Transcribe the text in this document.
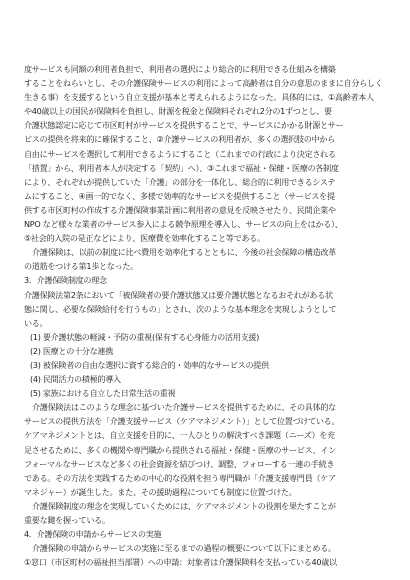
度サービスも同額の利用者負担で、利用者の選択により総合的に利用できる仕組みを構築
することをねらいとし、その介護保険サービスの利用によって高齢者は自分の意思のままに自分らしく
生きる事）を支援するという自立支援が基本と考えられるようになった。具体的には、①高齢者本人
や40歳以上の国民が保険料を負担し、財源を税金と保険料それぞれ2分の1ずつとし、要
介護状態認定に応じて市区町村がサービスを提供することで、サービスにかかる財源とサー
ビスの提供を将来的に確保すること、②介護サービスの利用者が、多くの選択肢の中から
自由にサービスを選択して利用できるようにすること（これまでの行政により決定される
「措置」から、利用者本人が決定する「契約」へ）、③これまで福祉・保健・医療の各制度
により、それぞれが提供していた「介護」の部分を一体化し、総合的に利用できるシステ
ムにすること、④画一的でなく、多様で効率的なサービスを提供すること（サービスを提
供する市区町村の作成する介護保険事業計画に利用者の意見を反映させたり、民間企業や
NPO など様々な業者のサービス参入による競争原理を導入し、サービスの向上をはかる）、
⑤社会的入院の是正などにより、医療費を効率化すること等である。
介護保険は、以前の制度に比べ費用を効率化するとともに、今後の社会保障の構造改革
の道筋をつける第1歩となった。
3．介護保険制度の理念
介護保険法第2条において「被保険者の要介護状態又は要介護状態となるおそれがある状
態に関し、必要な保険給付を行うもの」とされ、次のような基本理念を実現しようとして
いる。
(1) 要介護状態の軽減・予防の重視(保有する心身能力の活用支援)
(2) 医療との十分な連携
(3) 被保険者の自由な選択に資する総合的・効率的なサービスの提供
(4) 民間活力の積極的導入
(5) 家族における自立した日常生活の重視
介護保険法はこのような理念に基づいた介護サービスを提供するために、その具体的な
サービスの提供方法を「介護支援サービス（ケアマネジメント）」として位置づけている。
ケアマネジメントとは、自立支援を目的に、一人ひとりの解決すべき課題（ニーズ）を充
足させるために、多くの機関や専門職から提供される福祉・保健・医療のサービス、イン
フォーマルなサービスなど多くの社会資源を結びつけ、調整、フォローする一連の手続き
である。その方法を実践するための中心的な役割を担う専門職が「介護支援専門員（ケア
マネジャー）が誕生した。また、その援助過程についても制度に位置づけた。
介護保険制度の理念を実現していくためには、ケアマネジメントの役割を果たすことが
重要な鍵を握っている。
4．介護保険の申請からサービスの実施
介護保険の申請からサービスの実施に至るまでの過程の概要について以下にまとめる。
①窓口（市区町村の福祉担当部署）への申請：対象者は介護保険料を支払っている40歳以
